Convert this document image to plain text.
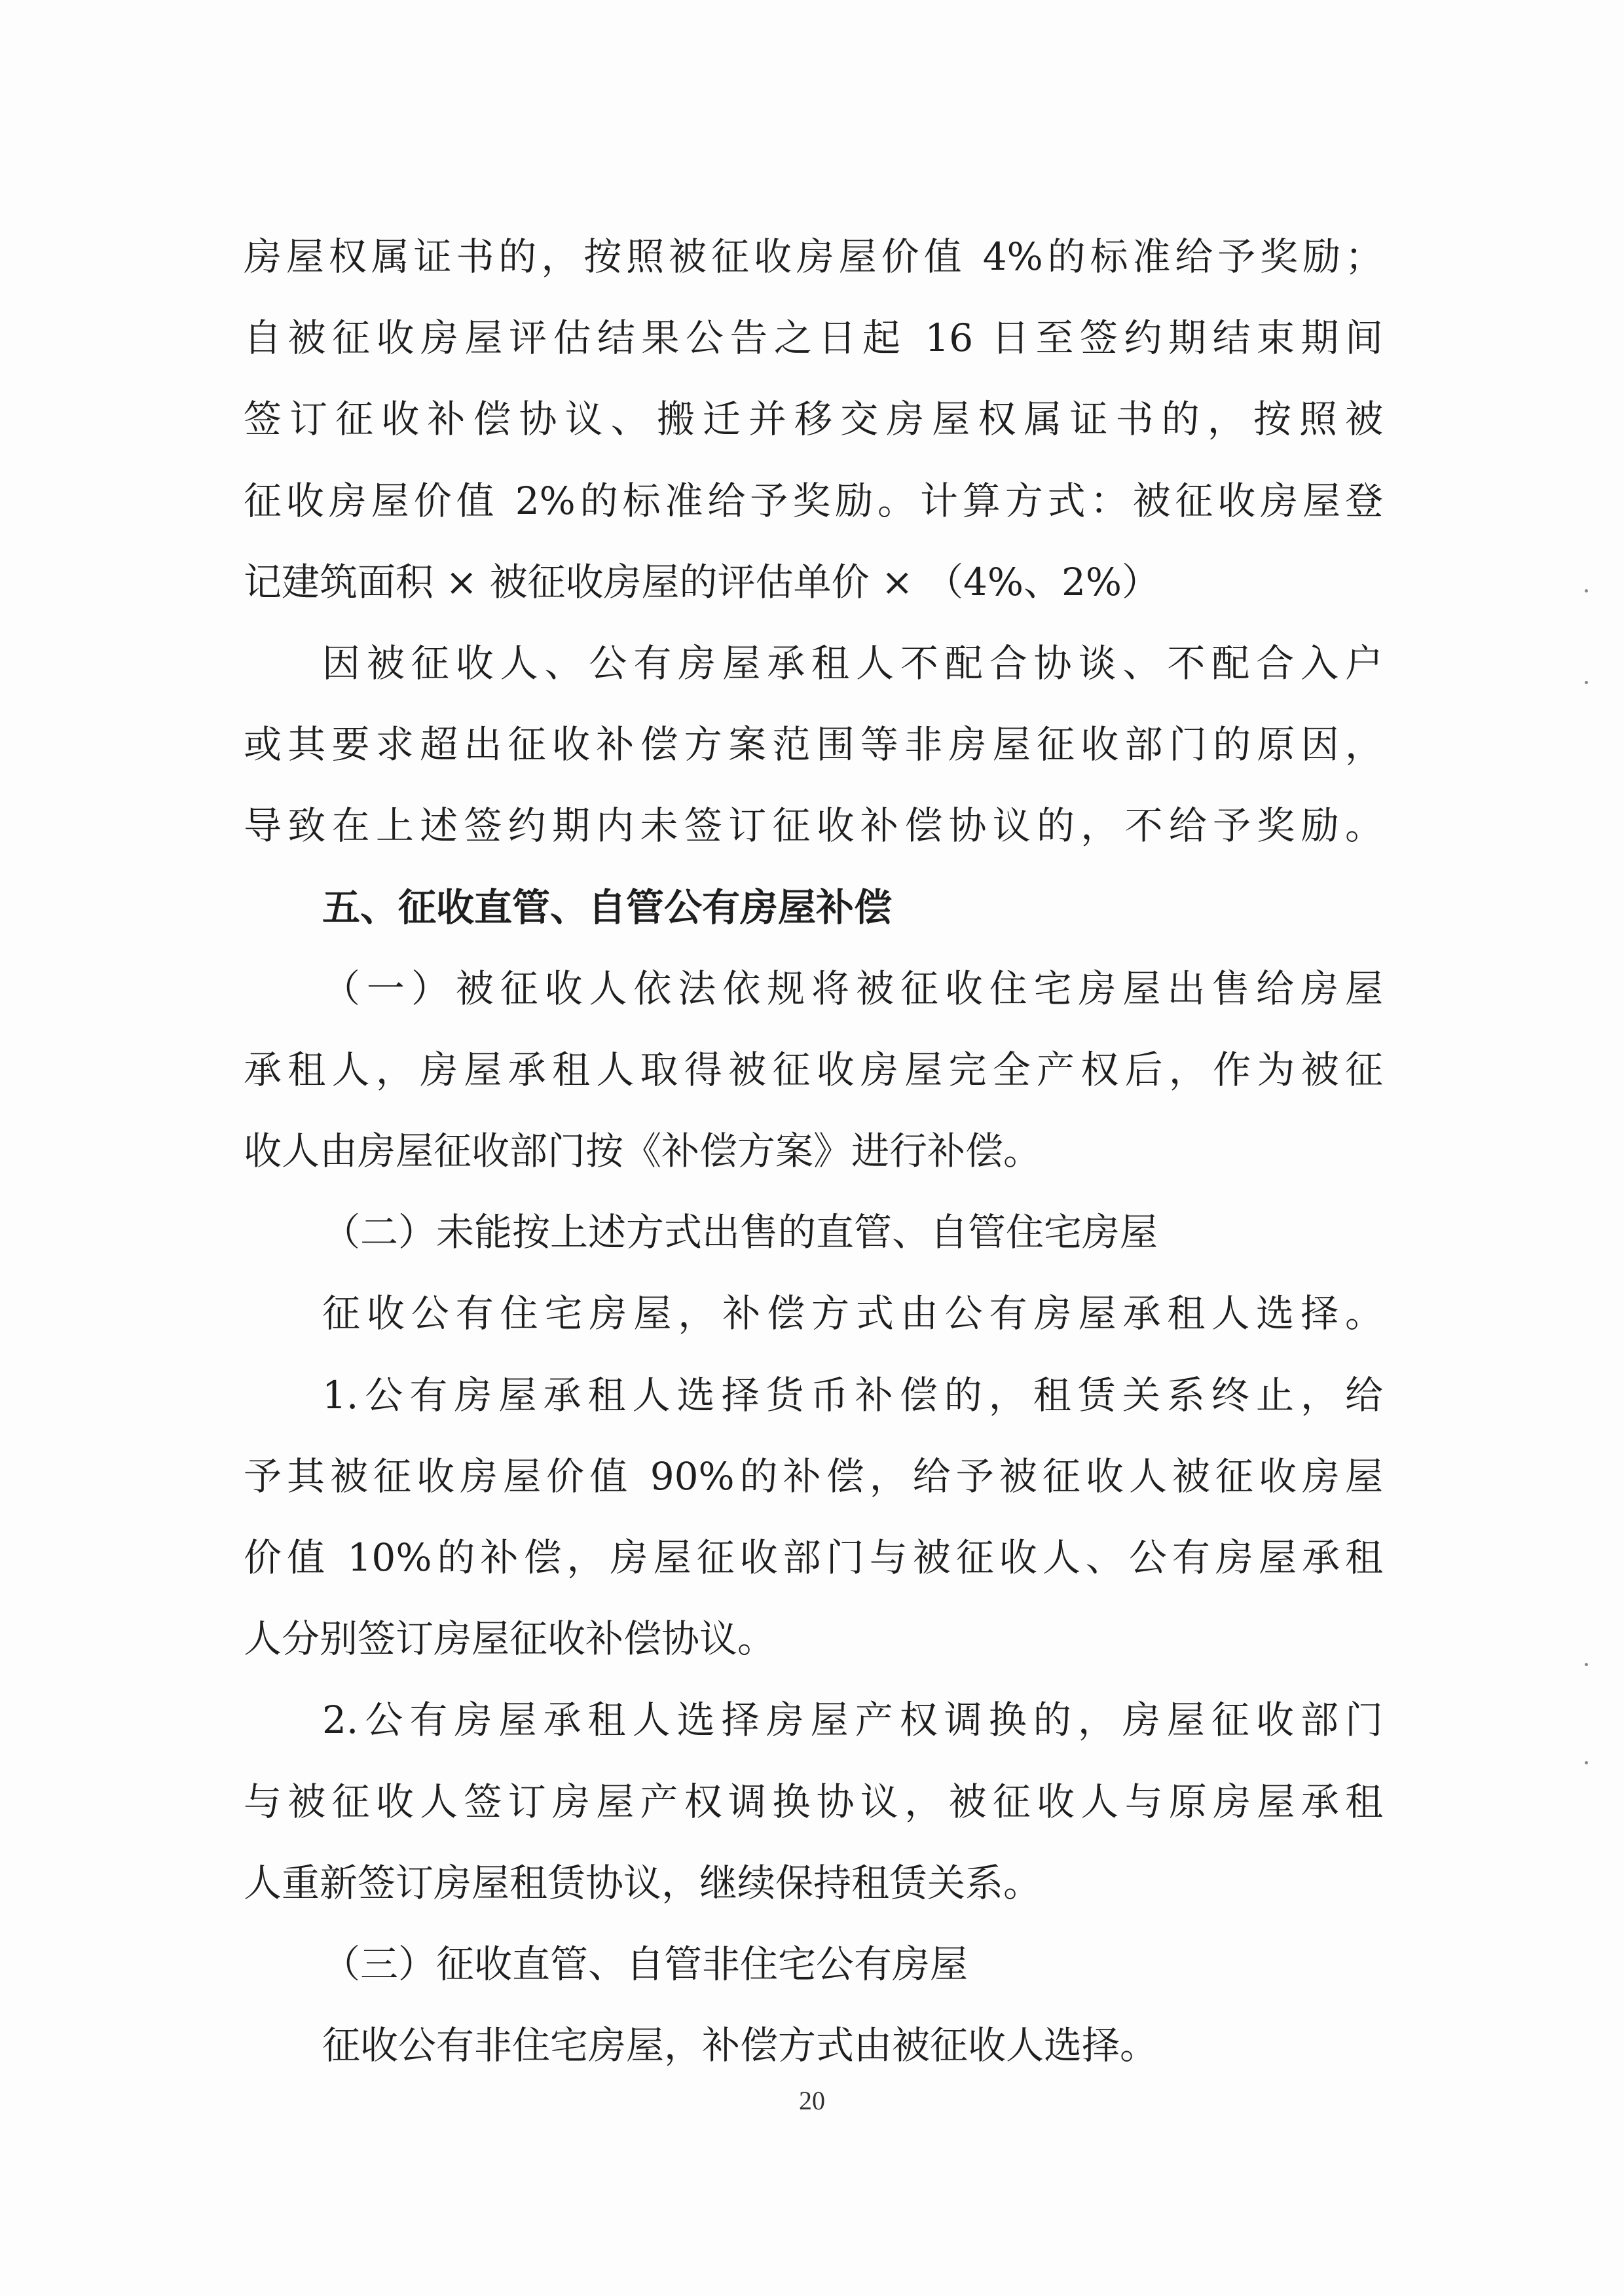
房屋权属证书的，按照被征收房屋价值 4%的标准给予奖励；
自被征收房屋评估结果公告之日起 16 日至签约期结束期间
签订征收补偿协议、搬迁并移交房屋权属证书的，按照被
征收房屋价值 2%的标准给予奖励。计算方式：被征收房屋登
记建筑面积 × 被征收房屋的评估单价 × （4%、2%）
因被征收人、公有房屋承租人不配合协谈、不配合入户
或其要求超出征收补偿方案范围等非房屋征收部门的原因，
导致在上述签约期内未签订征收补偿协议的，不给予奖励。
五、征收直管、自管公有房屋补偿
（一）被征收人依法依规将被征收住宅房屋出售给房屋
承租人，房屋承租人取得被征收房屋完全产权后，作为被征
收人由房屋征收部门按《补偿方案》进行补偿。
（二）未能按上述方式出售的直管、自管住宅房屋
征收公有住宅房屋，补偿方式由公有房屋承租人选择。
1.公有房屋承租人选择货币补偿的，租赁关系终止，给
予其被征收房屋价值 90%的补偿，给予被征收人被征收房屋
价值 10%的补偿，房屋征收部门与被征收人、公有房屋承租
人分别签订房屋征收补偿协议。
2.公有房屋承租人选择房屋产权调换的，房屋征收部门
与被征收人签订房屋产权调换协议，被征收人与原房屋承租
人重新签订房屋租赁协议，继续保持租赁关系。
（三）征收直管、自管非住宅公有房屋
征收公有非住宅房屋，补偿方式由被征收人选择。
20
